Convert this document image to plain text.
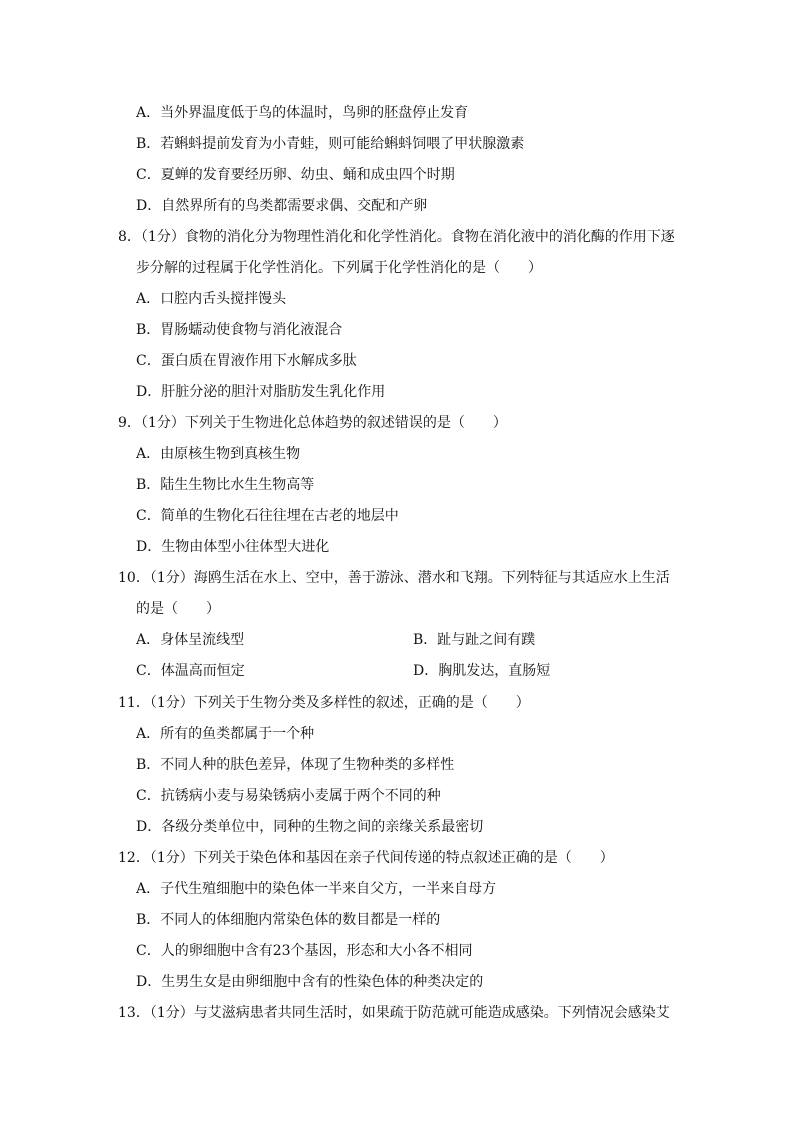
A．当外界温度低于鸟的体温时，鸟卵的胚盘停止发育
B．若蝌蚪提前发育为小青蛙，则可能给蝌蚪饲喂了甲状腺激素
C．夏蝉的发育要经历卵、幼虫、蛹和成虫四个时期
D．自然界所有的鸟类都需要求偶、交配和产卵
8．（1分）食物的消化分为物理性消化和化学性消化。食物在消化液中的消化酶的作用下逐
步分解的过程属于化学性消化。下列属于化学性消化的是（　　）
A．口腔内舌头搅拌馒头
B．胃肠蠕动使食物与消化液混合
C．蛋白质在胃液作用下水解成多肽
D．肝脏分泌的胆汁对脂肪发生乳化作用
9．（1分）下列关于生物进化总体趋势的叙述错误的是（　　）
A．由原核生物到真核生物
B．陆生生物比水生生物高等
C．简单的生物化石往往埋在古老的地层中
D．生物由体型小往体型大进化
10．（1分）海鸥生活在水上、空中，善于游泳、潜水和飞翔。下列特征与其适应水上生活
的是（　　）
A．身体呈流线型	B．趾与趾之间有蹼
C．体温高而恒定	D．胸肌发达，直肠短
11．（1分）下列关于生物分类及多样性的叙述，正确的是（　　）
A．所有的鱼类都属于一个种
B．不同人种的肤色差异，体现了生物种类的多样性
C．抗锈病小麦与易染锈病小麦属于两个不同的种
D．各级分类单位中，同种的生物之间的亲缘关系最密切
12．（1分）下列关于染色体和基因在亲子代间传递的特点叙述正确的是（　　）
A．子代生殖细胞中的染色体一半来自父方，一半来自母方
B．不同人的体细胞内常染色体的数目都是一样的
C．人的卵细胞中含有23个基因，形态和大小各不相同
D．生男生女是由卵细胞中含有的性染色体的种类决定的
13．（1分）与艾滋病患者共同生活时，如果疏于防范就可能造成感染。下列情况会感染艾
